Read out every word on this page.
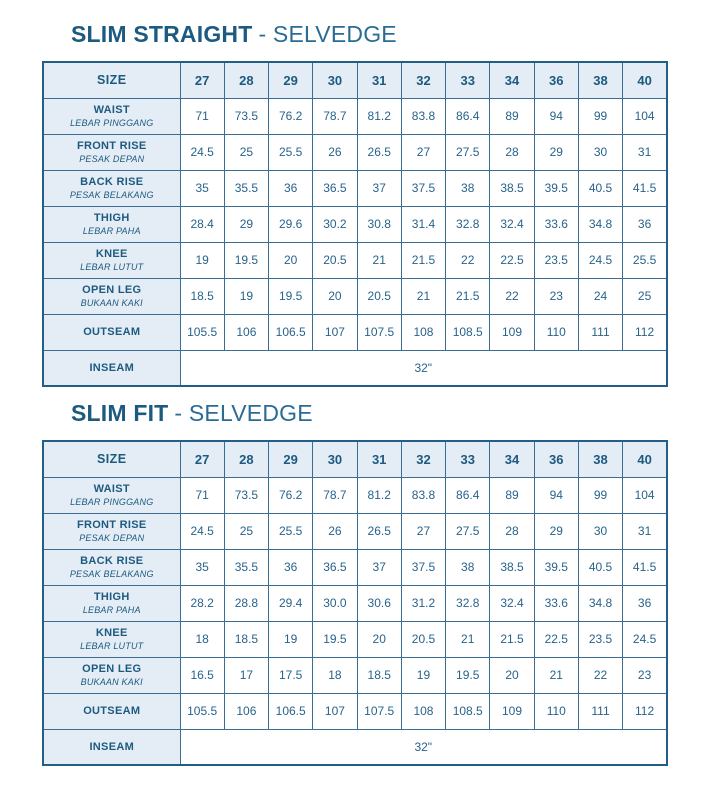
SLIM STRAIGHT - SELVEDGE
SIZE	27	28	29	30	31	32	33	34	36	38	40

WAIST
LEBAR PINGGANG	71	73.5	76.2	78.7	81.2	83.8	86.4	89	94	99	104

FRONT RISE
PESAK DEPAN	24.5	25	25.5	26	26.5	27	27.5	28	29	30	31

BACK RISE
PESAK BELAKANG	35	35.5	36	36.5	37	37.5	38	38.5	39.5	40.5	41.5

THIGH
LEBAR PAHA	28.4	29	29.6	30.2	30.8	31.4	32.8	32.4	33.6	34.8	36

KNEE
LEBAR LUTUT	19	19.5	20	20.5	21	21.5	22	22.5	23.5	24.5	25.5

OPEN LEG
BUKAAN KAKI	18.5	19	19.5	20	20.5	21	21.5	22	23	24	25

OUTSEAM	105.5	106	106.5	107	107.5	108	108.5	109	110	111	112

INSEAM	32"										
SLIM FIT - SELVEDGE
SIZE	27	28	29	30	31	32	33	34	36	38	40

WAIST
LEBAR PINGGANG	71	73.5	76.2	78.7	81.2	83.8	86.4	89	94	99	104

FRONT RISE
PESAK DEPAN	24.5	25	25.5	26	26.5	27	27.5	28	29	30	31

BACK RISE
PESAK BELAKANG	35	35.5	36	36.5	37	37.5	38	38.5	39.5	40.5	41.5

THIGH
LEBAR PAHA	28.2	28.8	29.4	30.0	30.6	31.2	32.8	32.4	33.6	34.8	36

KNEE
LEBAR LUTUT	18	18.5	19	19.5	20	20.5	21	21.5	22.5	23.5	24.5

OPEN LEG
BUKAAN KAKI	16.5	17	17.5	18	18.5	19	19.5	20	21	22	23

OUTSEAM	105.5	106	106.5	107	107.5	108	108.5	109	110	111	112

INSEAM	32"										
